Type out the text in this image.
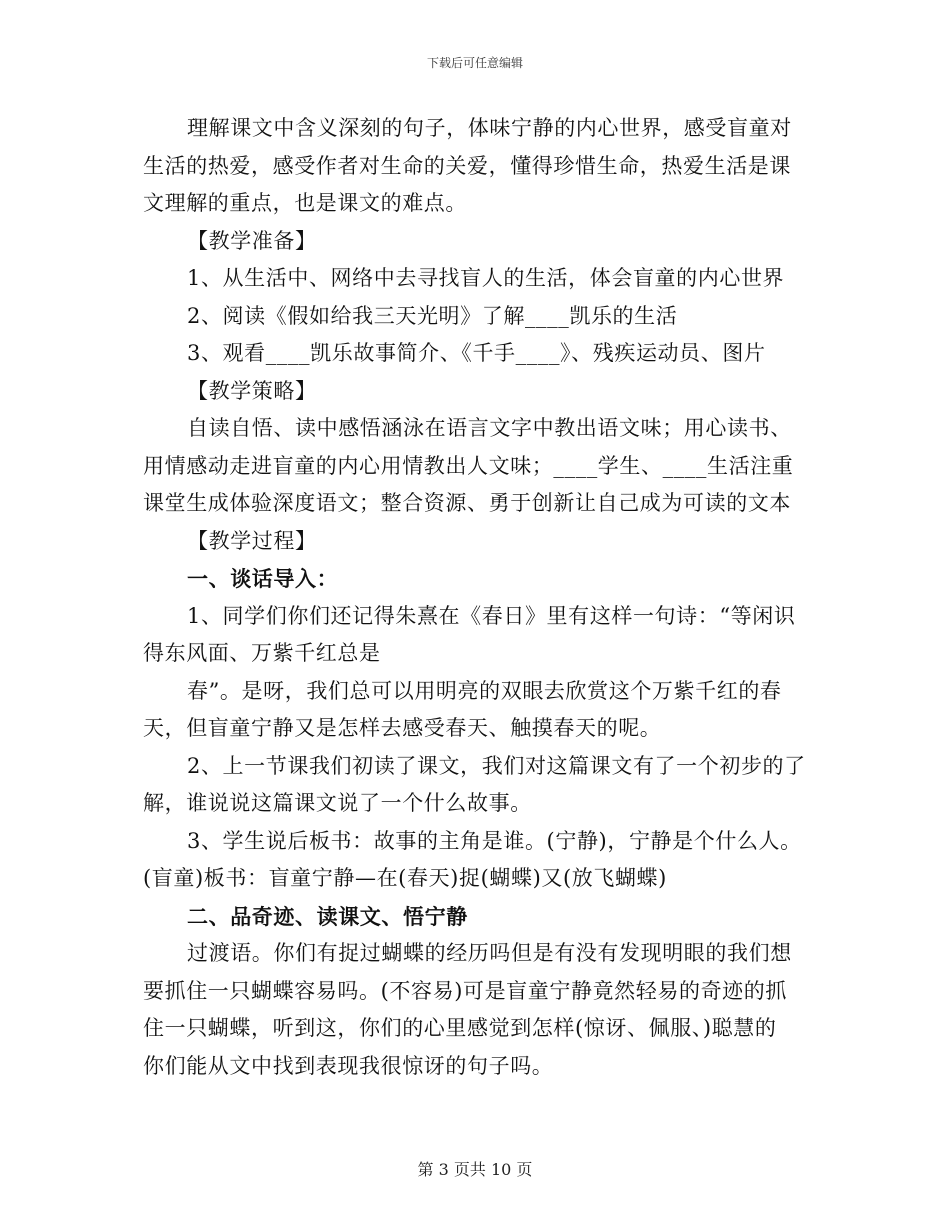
下载后可任意编辑
理解课文中含义深刻的句子，体味宁静的内心世界，感受盲童对
生活的热爱，感受作者对生命的关爱，懂得珍惜生命，热爱生活是课
文理解的重点，也是课文的难点。
【教学准备】
1、从生活中、网络中去寻找盲人的生活，体会盲童的内心世界
2、阅读《假如给我三天光明》了解____凯乐的生活
3、观看____凯乐故事简介、《千手____》、残疾运动员、图片
【教学策略】
自读自悟、读中感悟涵泳在语言文字中教出语文味；用心读书、
用情感动走进盲童的内心用情教出人文味；____学生、____生活注重
课堂生成体验深度语文；整合资源、勇于创新让自己成为可读的文本
【教学过程】
一、谈话导入：
1、同学们你们还记得朱熹在《春日》里有这样一句诗：“等闲识
得东风面、万紫千红总是
春”。是呀，我们总可以用明亮的双眼去欣赏这个万紫千红的春
天，但盲童宁静又是怎样去感受春天、触摸春天的呢。
2、上一节课我们初读了课文，我们对这篇课文有了一个初步的了
解，谁说说这篇课文说了一个什么故事。
3、学生说后板书：故事的主角是谁。(宁静)，宁静是个什么人。
(盲童)板书：盲童宁静—在(春天)捉(蝴蝶)又(放飞蝴蝶)
二、品奇迹、读课文、悟宁静
过渡语。你们有捉过蝴蝶的经历吗但是有没有发现明眼的我们想
要抓住一只蝴蝶容易吗。(不容易)可是盲童宁静竟然轻易的奇迹的抓
住一只蝴蝶，听到这，你们的心里感觉到怎样(惊讶、佩服、)聪慧的
你们能从文中找到表现我很惊讶的句子吗。
第 3 页共 10 页
